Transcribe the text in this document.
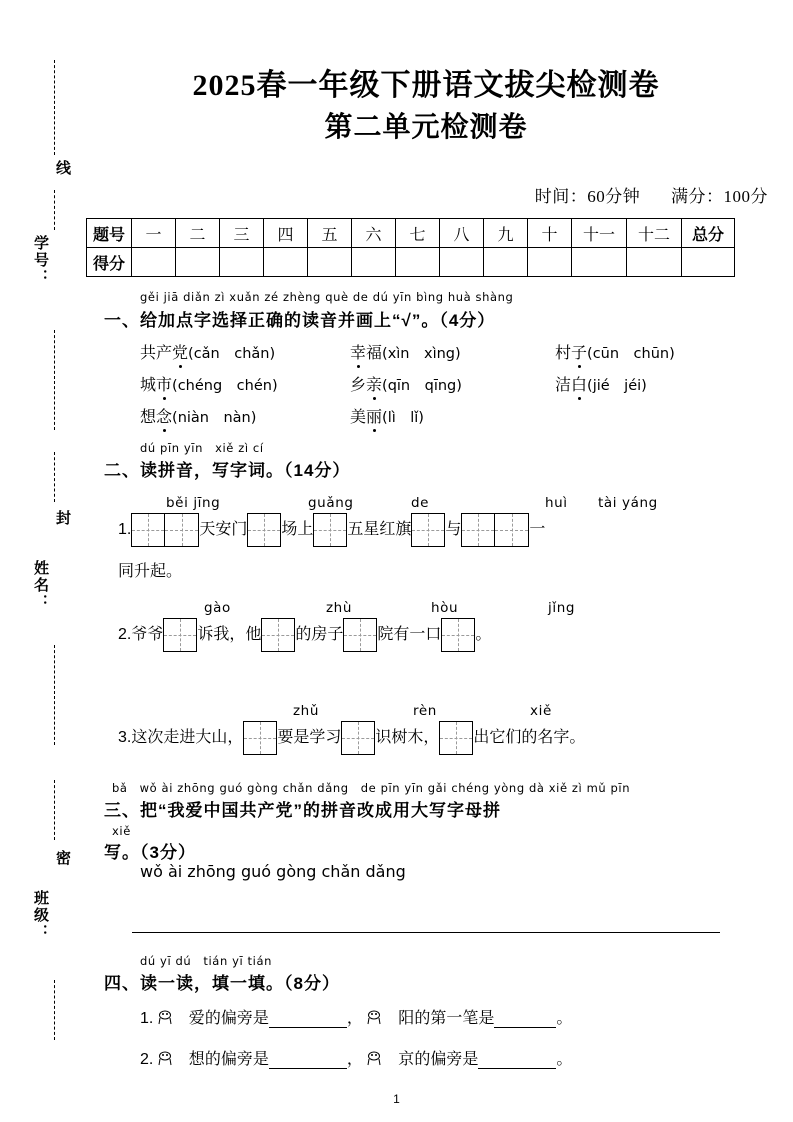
线
学号：
封
姓名：
密
班级：
2025春一年级下册语文拔尖检测卷
第二单元检测卷
时间：60分钟 满分：100分
题号	一	二	三	四	五	六	七	八	九	十	十一	十二	总分
得分													
gěi jiā diǎn zì xuǎn zé zhèng què de dú yīn bìng huà shàng
一、给加点字选择正确的读音并画上“√”。（4分）
共产党(cǎn　chǎn)	幸福(xìn　xìng)	村子(cūn　chūn)
城市(chéng　chén)	乡亲(qīn　qīng)	洁白(jié　jéi)
想念(niàn　nàn)	美丽(lì　lǐ)
dú pīn yīn　xiě zì cí
二、读拼音，写字词。（14分）
běi jīng	guǎng	de	huì tài yáng
1.	天安门 场上 五星红旗 与	一
同升起。
gào	zhù	hòu	jǐng
2.爷爷 诉我，他 的房子 院有一口 。
zhǔ	rèn	xiě
3.这次走进大山， 要是学习 识树木， 出它们的名字。
bǎ　wǒ ài zhōng guó gòng chǎn dǎng　de pīn yīn gǎi chéng yòng dà xiě zì mǔ pīn
三、把“我爱中国共产党”的拼音改成用大写字母拼
xiě
写。（3分）
wǒ ài zhōng guó gòng chǎn dǎng
dú yī dú　tián yī tián
四、读一读，填一填。（8分）
1. 爱的偏旁是	， 阳的第一笔是	。
2. 想的偏旁是	， 京的偏旁是	。
1
